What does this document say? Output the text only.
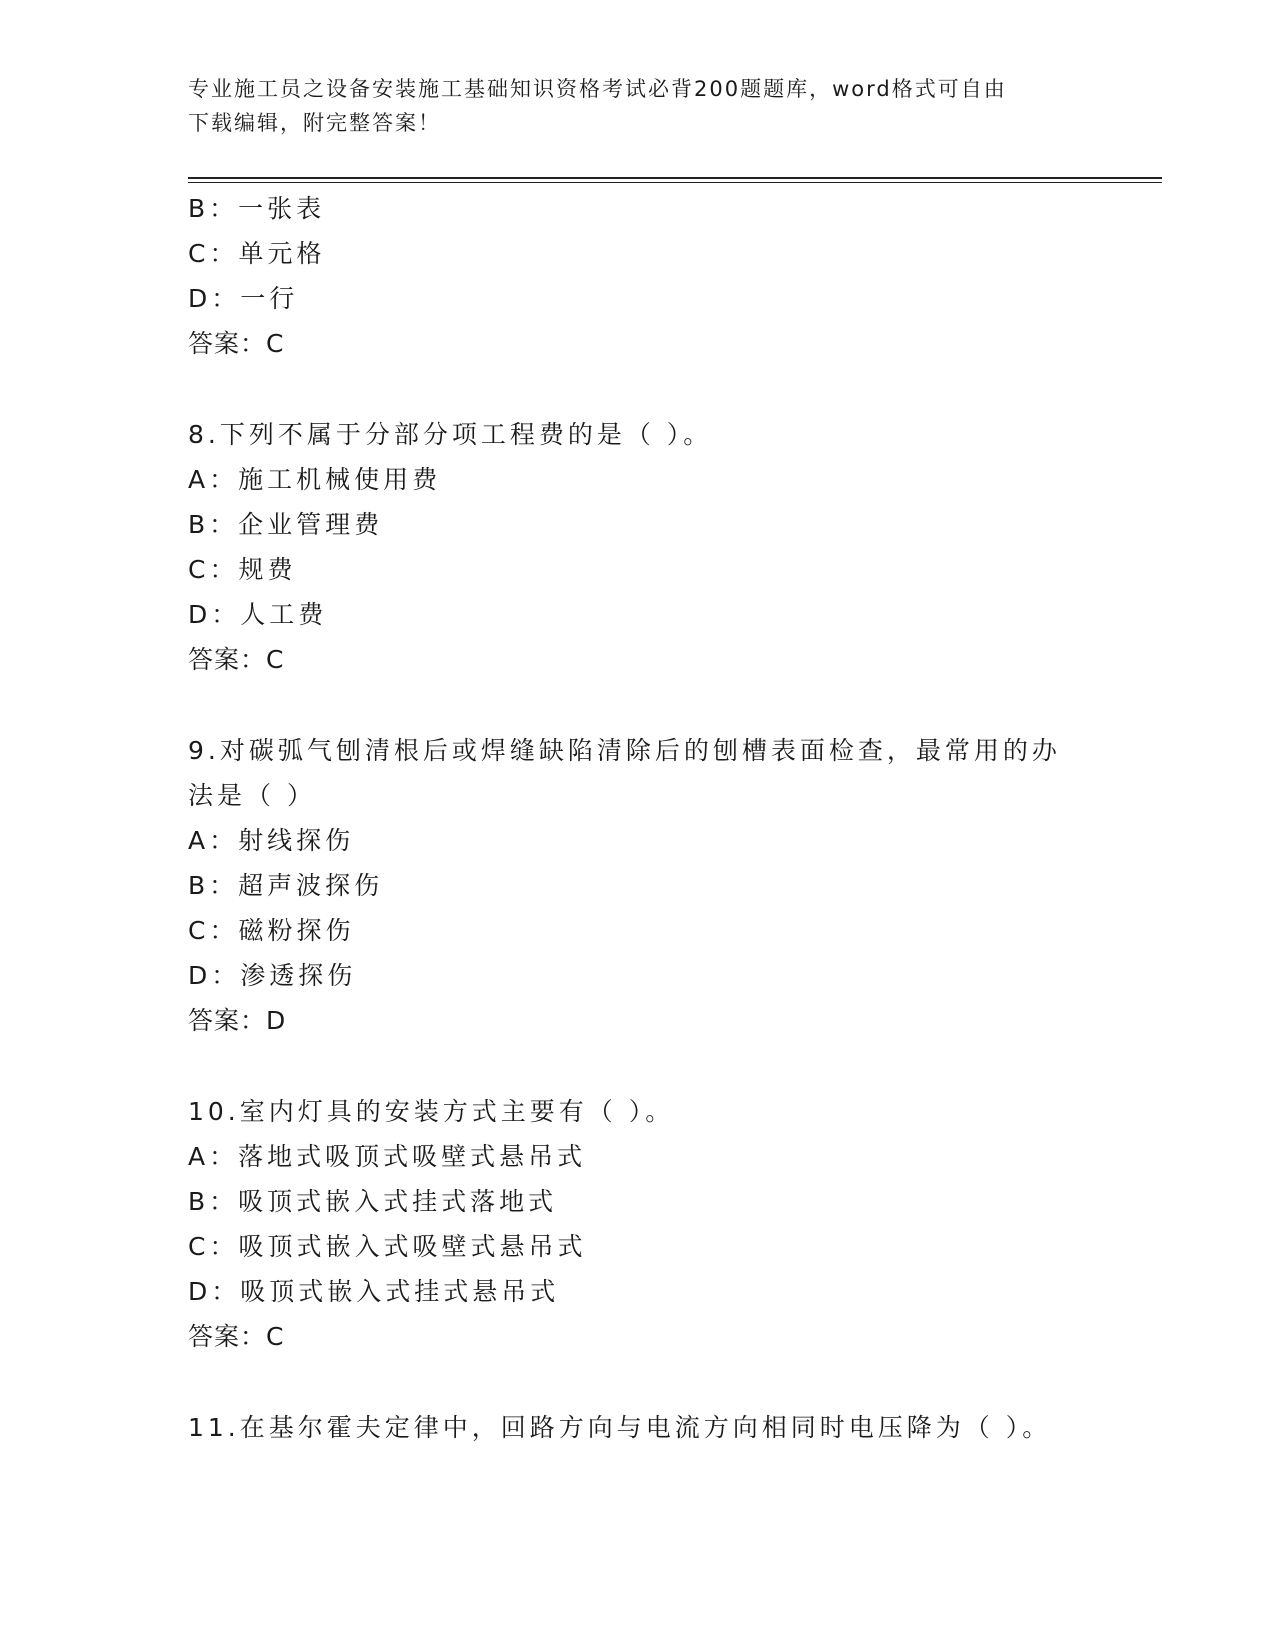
专业施工员之设备安装施工基础知识资格考试必背200题题库，word格式可自由
下载编辑，附完整答案！
B：一张表
C：单元格
D：一行
答案：C
8.下列不属于分部分项工程费的是（ ）。
A：施工机械使用费
B：企业管理费
C：规费
D：人工费
答案：C
9.对碳弧气刨清根后或焊缝缺陷清除后的刨槽表面检查，最常用的办
法是（ ）
A：射线探伤
B：超声波探伤
C：磁粉探伤
D：渗透探伤
答案：D
10.室内灯具的安装方式主要有（ ）。
A：落地式吸顶式吸壁式悬吊式
B：吸顶式嵌入式挂式落地式
C：吸顶式嵌入式吸壁式悬吊式
D：吸顶式嵌入式挂式悬吊式
答案：C
11.在基尔霍夫定律中，回路方向与电流方向相同时电压降为（ ）。
